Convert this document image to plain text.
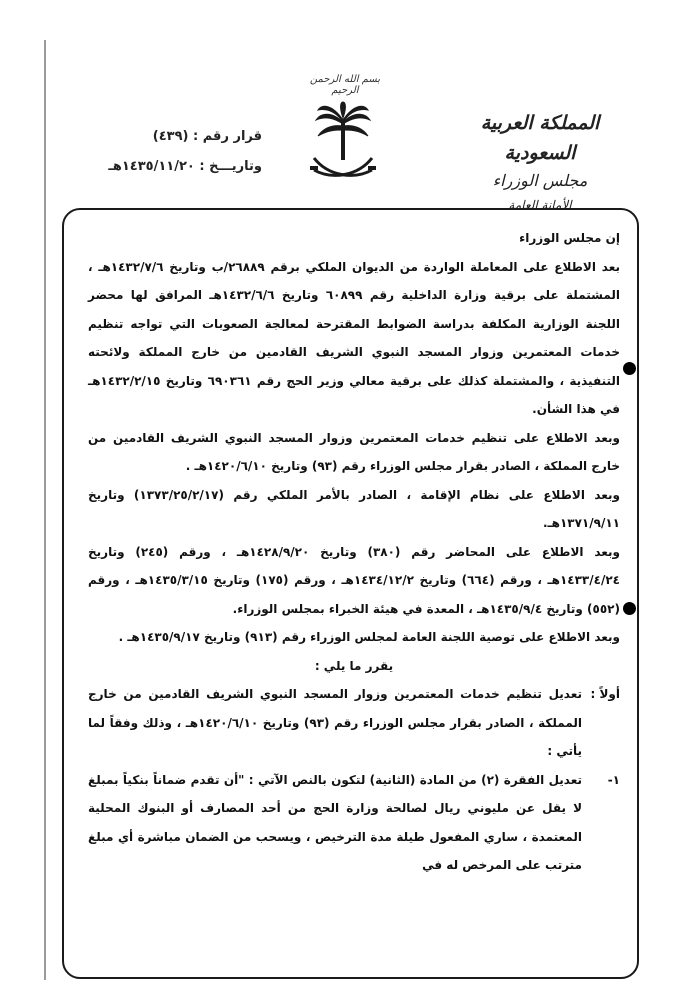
بسم الله الرحمن الرحيم
المملكة العربية السعودية
مجلس الوزراء
الأمانة العامة
قرار رقم : (٤٣٩)
وتاريـــخ : ١٤٣٥/١١/٢٠هـ

إن مجلس الوزراء

بعد الاطلاع على المعاملة الواردة من الديوان الملكي برقم ٢٦٨٨٩/ب وتاريخ ١٤٣٢/٧/٦هـ ، المشتملة على برقية وزارة الداخلية رقم ٦٠٨٩٩ وتاريخ ١٤٣٢/٦/٦هـ المرافق لها محضر اللجنة الوزارية المكلفة بدراسة الضوابط المقترحة لمعالجة الصعوبات التي تواجه تنظيم خدمات المعتمرين وزوار المسجد النبوي الشريف القادمين من خارج المملكة ولائحته التنفيذية ، والمشتملة كذلك على برقية معالي وزير الحج رقم ٦٩٠٣٦١ وتاريخ ١٤٣٢/٢/١٥هـ في هذا الشأن.

وبعد الاطلاع على تنظيم خدمات المعتمرين وزوار المسجد النبوي الشريف القادمين من خارج المملكة ، الصادر بقرار مجلس الوزراء رقم (٩٣) وتاريخ ١٤٢٠/٦/١٠هـ .

وبعد الاطلاع على نظام الإقامة ، الصادر بالأمر الملكي رقم (١٣٧٣/٢٥/٢/١٧) وتاريخ ١٣٧١/٩/١١هـ.

وبعد الاطلاع على المحاضر رقم (٣٨٠) وتاريخ ١٤٢٨/٩/٢٠هـ ، ورقم (٢٤٥) وتاريخ ١٤٣٣/٤/٢٤هـ ، ورقم (٦٦٤) وتاريخ ١٤٣٤/١٢/٢هـ ، ورقم (١٧٥) وتاريخ ١٤٣٥/٣/١٥هـ ، ورقم (٥٥٢) وتاريخ ١٤٣٥/٩/٤هـ ، المعدة في هيئة الخبراء بمجلس الوزراء.

وبعد الاطلاع على توصية اللجنة العامة لمجلس الوزراء رقم (٩١٣) وتاريخ ١٤٣٥/٩/١٧هـ .

يقرر ما يلي :

أولاً :
تعديل تنظيم خدمات المعتمرين وزوار المسجد النبوي الشريف القادمين من خارج المملكة ، الصادر بقرار مجلس الوزراء رقم (٩٣) وتاريخ ١٤٢٠/٦/١٠هـ ، وذلك وفقاً لما يأتي :
١-
تعديل الفقرة (٢) من المادة (الثانية) لتكون بالنص الآتي : "أن تقدم ضماناً بنكياً بمبلغ لا يقل عن مليوني ريال لصالحة وزارة الحج من أحد المصارف أو البنوك المحلية المعتمدة ، ساري المفعول طيلة مدة الترخيص ، ويسحب من الضمان مباشرة أي مبلغ مترتب على المرخص له في
